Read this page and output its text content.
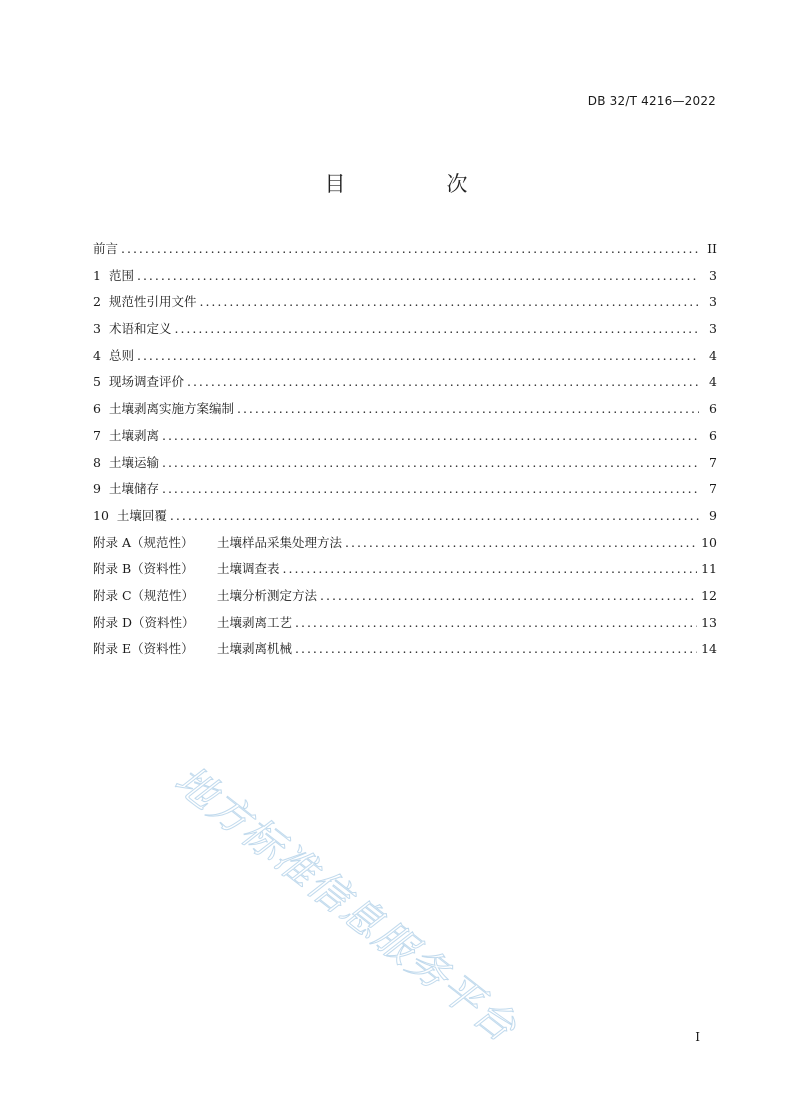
DB 32/T 4216—2022
目　次
前言 .....	II
1 范围 .....	3
2 规范性引用文件 .....	3
3 术语和定义 .....	3
4 总则 .....	4
5 现场调查评价 .....	4
6 土壤剥离实施方案编制 .....	6
7 土壤剥离 .....	6
8 土壤运输 .....	7
9 土壤储存 .....	7
10 土壤回覆 .....	9
附录 A（规范性） 土壤样品采集处理方法 .....	10
附录 B（资料性） 土壤调查表 .....	11
附录 C（规范性） 土壤分析测定方法 .....	12
附录 D（资料性） 土壤剥离工艺 .....	13
附录 E（资料性） 土壤剥离机械 .....	14
地方标准信息服务平台	I
